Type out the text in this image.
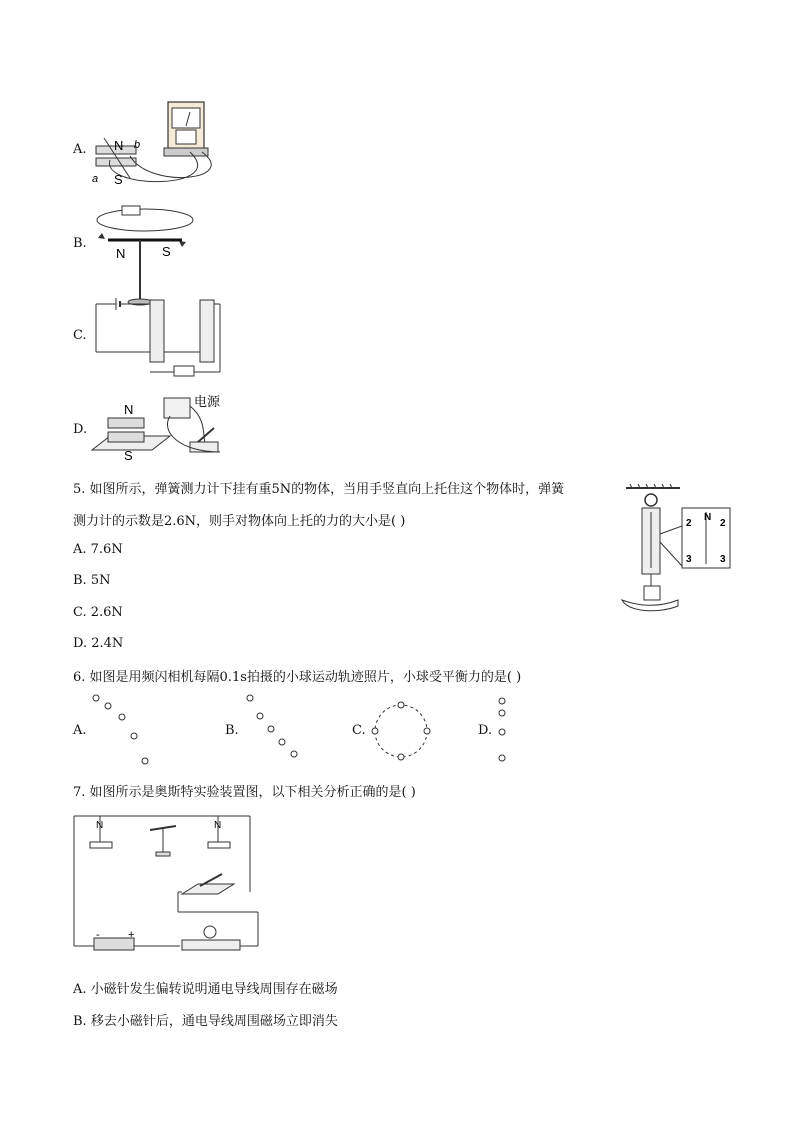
A. N
S
a
b
B.
N	S
C.
D.
N
S
电源
5. 如图所示，弹簧测力计下挂有重5N的物体，当用手竖直向上托住这个物体时，弹簧
测力计的示数是2.6N，则手对物体向上托的力的大小是( )
A. 7.6N
B. 5N
C. 2.6N
D. 2.4N
N
2	2
3	3
6. 如图是用频闪相机每隔0.1s拍摄的小球运动轨迹照片，小球受平衡力的是( )
A.	B.	C.	D.
7. 如图所示是奥斯特实验装置图，以下相关分析正确的是( )
N	N
-	+
A. 小磁针发生偏转说明通电导线周围存在磁场
B. 移去小磁针后，通电导线周围磁场立即消失
